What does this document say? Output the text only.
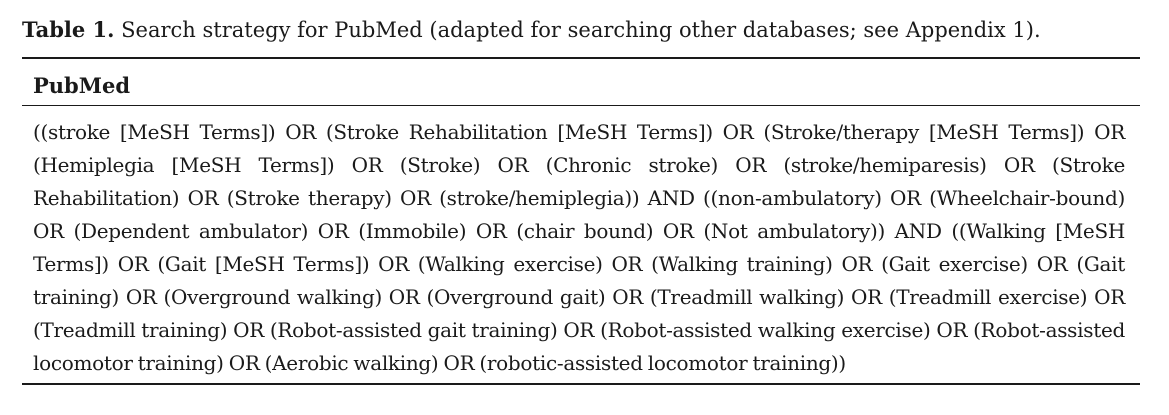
Table 1. Search strategy for PubMed (adapted for searching other databases; see Appendix 1).
PubMed
((stroke [MeSH Terms]) OR (Stroke Rehabilitation [MeSH Terms]) OR (Stroke/therapy [MeSH Terms]) OR (Hemiplegia [MeSH Terms]) OR (Stroke) OR (Chronic stroke) OR (stroke/hemiparesis) OR (Stroke Rehabilitation) OR (Stroke therapy) OR (stroke/hemiplegia)) AND ((non-ambulatory) OR (Wheelchair-bound) OR (Dependent ambulator) OR (Immobile) OR (chair bound) OR (Not ambulatory)) AND ((Walking [MeSH Terms]) OR (Gait [MeSH Terms]) OR (Walking exercise) OR (Walking training) OR (Gait exercise) OR (Gait training) OR (Overground walking) OR (Overground gait) OR (Treadmill walking) OR (Treadmill exercise) OR (Treadmill training) OR (Robot-assisted gait training) OR (Robot-assisted walking exercise) OR (Robot-assisted locomotor training) OR (Aerobic walking) OR (robotic-assisted locomotor training))
